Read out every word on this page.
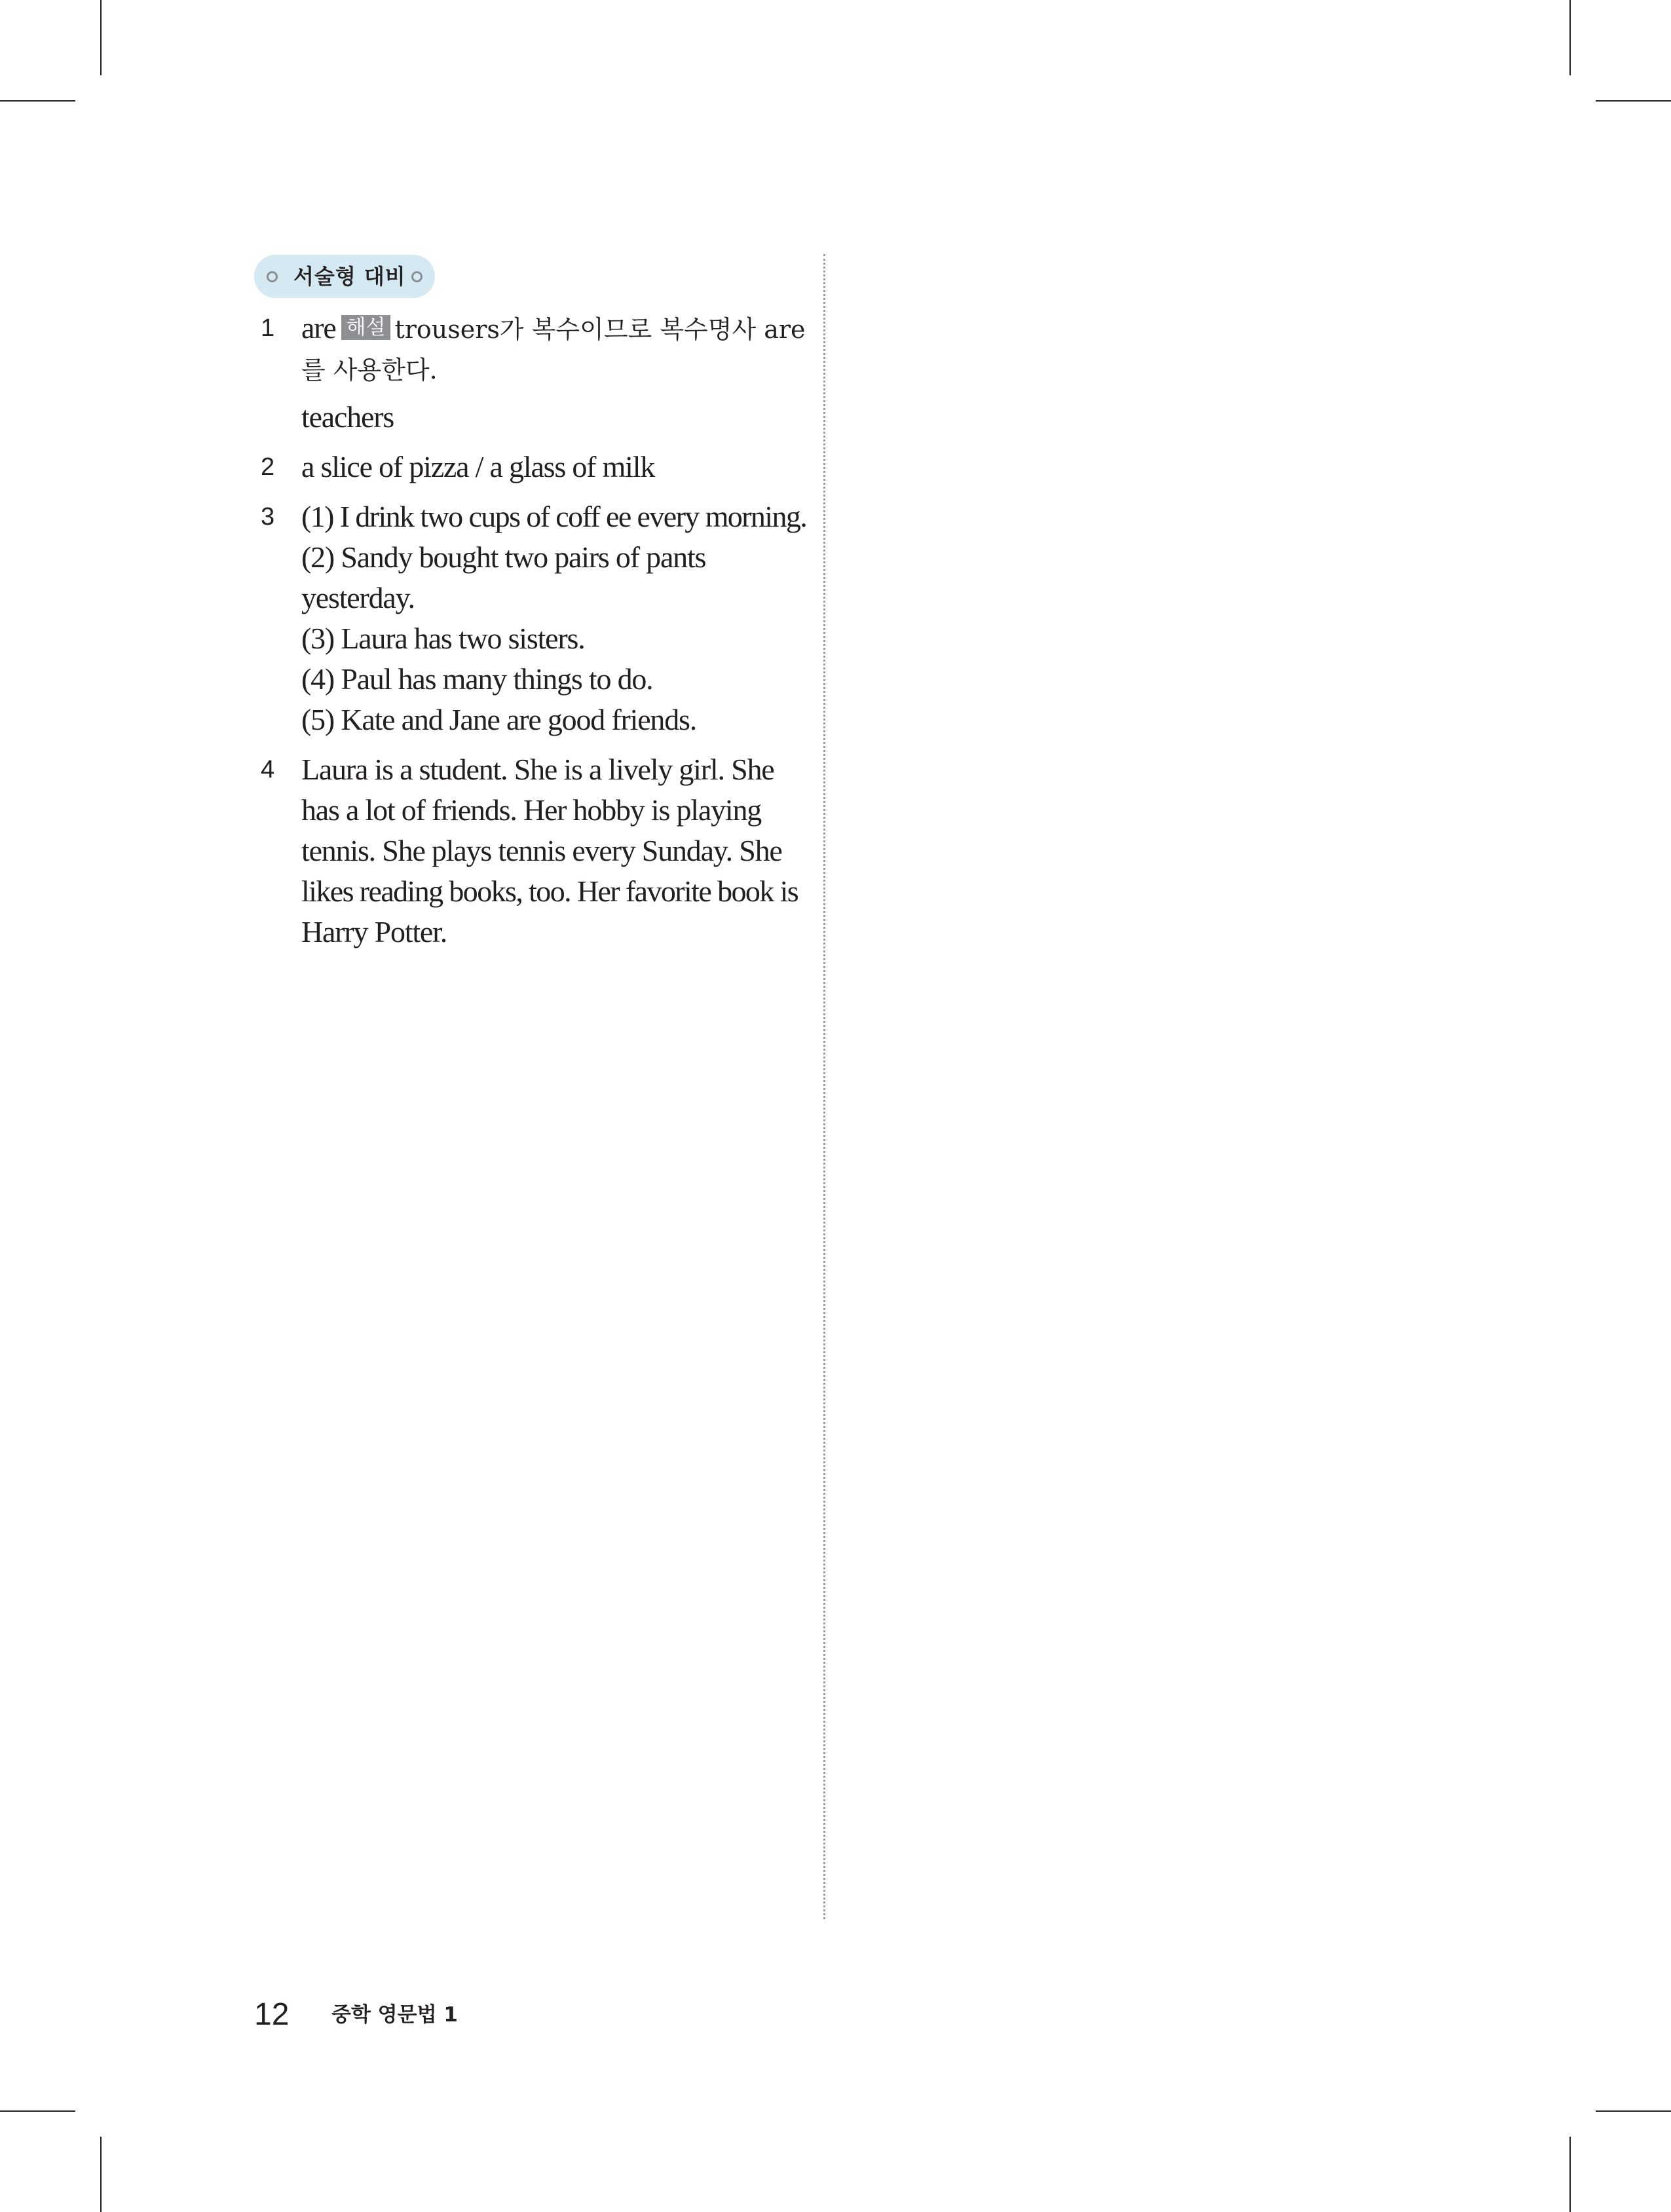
서술형 대비
1 are 해설 trousers가 복수이므로 복수명사 are
를 사용한다.
teachers
2 a slice of pizza / a glass of milk
3 (1) I drink two cups of coff ee every morning.
(2) Sandy bought two pairs of pants
yesterday.
(3) Laura has two sisters.
(4) Paul has many things to do.
(5) Kate and Jane are good friends.
4 Laura is a student. She is a lively girl. She
has a lot of friends. Her hobby is playing
tennis. She plays tennis every Sunday. She
likes reading books, too. Her favorite book is
Harry Potter.
12 중학 영문법 1
